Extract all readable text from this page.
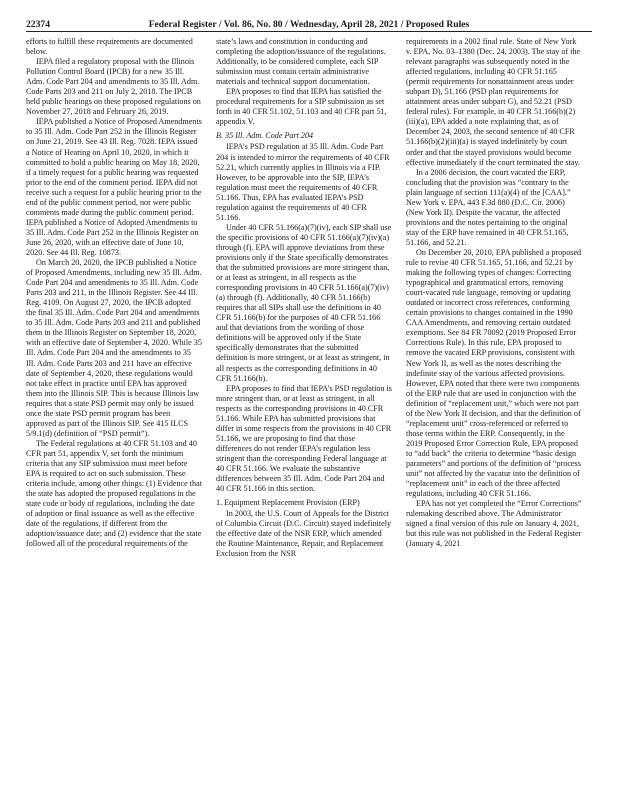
22374	Federal Register / Vol. 86, No. 80 / Wednesday, April 28, 2021 / Proposed Rules

efforts to fulfill these requirements are documented below.

IEPA filed a regulatory proposal with the Illinois Pollution Control Board (IPCB) for a new 35 Ill. Adm. Code Part 204 and amendments to 35 Ill. Adm. Code Parts 203 and 211 on July 2, 2018. The IPCB held public hearings on these proposed regulations on November 27, 2018 and February 26, 2019.

IEPA published a Notice of Proposed Amendments to 35 Ill. Adm. Code Part 252 in the Illinois Register on June 21, 2019. See 43 Ill. Reg. 7028. IEPA issued a Notice of Hearing on April 10, 2020, in which it committed to hold a public hearing on May 18, 2020, if a timely request for a public hearing was requested prior to the end of the comment period. IEPA did not receive such a request for a public hearing prior to the end of the public comment period, nor were public comments made during the public comment period. IEPA published a Notice of Adopted Amendments to 35 Ill. Adm. Code Part 252 in the Illinois Register on June 26, 2020, with an effective date of June 10, 2020. See 44 Ill. Reg. 10873.

On March 20, 2020, the IPCB published a Notice of Proposed Amendments, including new 35 Ill. Adm. Code Part 204 and amendments to 35 Ill. Adm. Code Parts 203 and 211, in the Illinois Register. See 44 Ill. Reg. 4109. On August 27, 2020, the IPCB adopted the final 35 Ill. Adm. Code Part 204 and amendments to 35 Ill. Adm. Code Parts 203 and 211 and published them in the Illinois Register on September 18, 2020, with an effective date of September 4, 2020. While 35 Ill. Adm. Code Part 204 and the amendments to 35 Ill. Adm. Code Parts 203 and 211 have an effective date of September 4, 2020, these regulations would not take effect in practice until EPA has approved them into the Illinois SIP. This is because Illinois law requires that a state PSD permit may only be issued once the state PSD permit program has been approved as part of the Illinois SIP. See 415 ILCS 5/9.1(d) (definition of “PSD permit”).

The Federal regulations at 40 CFR 51.103 and 40 CFR part 51, appendix V, set forth the minimum criteria that any SIP submission must meet before EPA is required to act on such submission. These criteria include, among other things: (1) Evidence that the state has adopted the proposed regulations in the state code or body of regulations, including the date of adoption or final issuance as well as the effective date of the regulations, if different from the adoption/issuance date; and (2) evidence that the state followed all of the procedural requirements of the

state’s laws and constitution in conducting and completing the adoption/issuance of the regulations. Additionally, to be considered complete, each SIP submission must contain certain administrative materials and technical support documentation.

EPA proposes to find that IEPA has satisfied the procedural requirements for a SIP submission as set forth in 40 CFR 51.102, 51.103 and 40 CFR part 51, appendix V.

B. 35 Ill. Adm. Code Part 204

IEPA’s PSD regulation at 35 Ill. Adm. Code Part 204 is intended to mirror the requirements of 40 CFR 52.21, which currently applies in Illinois via a FIP. However, to be approvable into the SIP, IEPA’s regulation must meet the requirements of 40 CFR 51.166. Thus, EPA has evaluated IEPA’s PSD regulation against the requirements of 40 CFR 51.166.

Under 40 CFR 51.166(a)(7)(iv), each SIP shall use the specific provisions of 40 CFR 51.166(a)(7)(iv)(a) through (f). EPA will approve deviations from these provisions only if the State specifically demonstrates that the submitted provisions are more stringent than, or at least as stringent, in all respects as the corresponding provisions in 40 CFR 51.166(a)(7)(iv)(a) through (f). Additionally, 40 CFR 51.166(b) requires that all SIPs shall use the definitions in 40 CFR 51.166(b) for the purposes of 40 CFR 51.166 and that deviations from the wording of those definitions will be approved only if the State specifically demonstrates that the submitted definition is more stringent, or at least as stringent, in all respects as the corresponding definitions in 40 CFR 51.166(b).

EPA proposes to find that IEPA’s PSD regulation is more stringent than, or at least as stringent, in all respects as the corresponding provisions in 40 CFR 51.166. While EPA has submitted provisions that differ in some respects from the provisions in 40 CFR 51.166, we are proposing to find that those differences do not render IEPA’s regulation less stringent than the corresponding Federal language at 40 CFR 51.166. We evaluate the substantive differences between 35 Ill. Adm. Code Part 204 and 40 CFR 51.166 in this section.

1. Equipment Replacement Provision (ERP)

In 2003, the U.S. Court of Appeals for the District of Columbia Circuit (D.C. Circuit) stayed indefinitely the effective date of the NSR ERP, which amended the Routine Maintenance, Repair, and Replacement Exclusion from the NSR

requirements in a 2002 final rule. State of New York v. EPA, No. 03–1380 (Dec. 24, 2003). The stay of the relevant paragraphs was subsequently noted in the affected regulations, including 40 CFR 51.165 (permit requirements for nonattainment areas under subpart D), 51.166 (PSD plan requirements for attainment areas under subpart G), and 52.21 (PSD federal rules). For example, in 40 CFR 51.166(b)(2)(iii)(a), EPA added a note explaining that, as of December 24, 2003, the second sentence of 40 CFR 51.166(b)(2)(iii)(a) is stayed indefinitely by court order and that the stayed provisions would become effective immediately if the court terminated the stay.

In a 2006 decision, the court vacated the ERP, concluding that the provision was “contrary to the plain language of section 111(a)(4) of the [CAA].” New York v. EPA, 443 F.3d 880 (D.C. Cir. 2006) (New York II). Despite the vacatur, the affected provisions and the notes pertaining to the original stay of the ERP have remained in 40 CFR 51.165, 51.166, and 52.21.

On December 20, 2010, EPA published a proposed rule to revise 40 CFR 51.165, 51.166, and 52.21 by making the following types of changes: Correcting typographical and grammatical errors, removing court-vacated rule language, removing or updating outdated or incorrect cross references, conforming certain provisions to changes contained in the 1990 CAA Amendments, and removing certain outdated exemptions. See 84 FR 70092 (2019 Proposed Error Corrections Rule). In this rule, EPA proposed to remove the vacated ERP provisions, consistent with New York II, as well as the notes describing the indefinite stay of the various affected provisions. However, EPA noted that there were two components of the ERP rule that are used in conjunction with the definition of “replacement unit,” which were not part of the New York II decision, and that the definition of “replacement unit” cross-referenced or referred to those terms within the ERP. Consequently, in the 2019 Proposed Error Correction Rule, EPA proposed to “add back” the criteria to determine “basic design parameters” and portions of the definition of “process unit” not affected by the vacatur into the definition of “replacement unit” in each of the three affected regulations, including 40 CFR 51.166.

EPA has not yet completed the “Error Corrections” rulemaking described above. The Administrator signed a final version of this rule on January 4, 2021, but this rule was not published in the Federal Register (January 4, 2021
